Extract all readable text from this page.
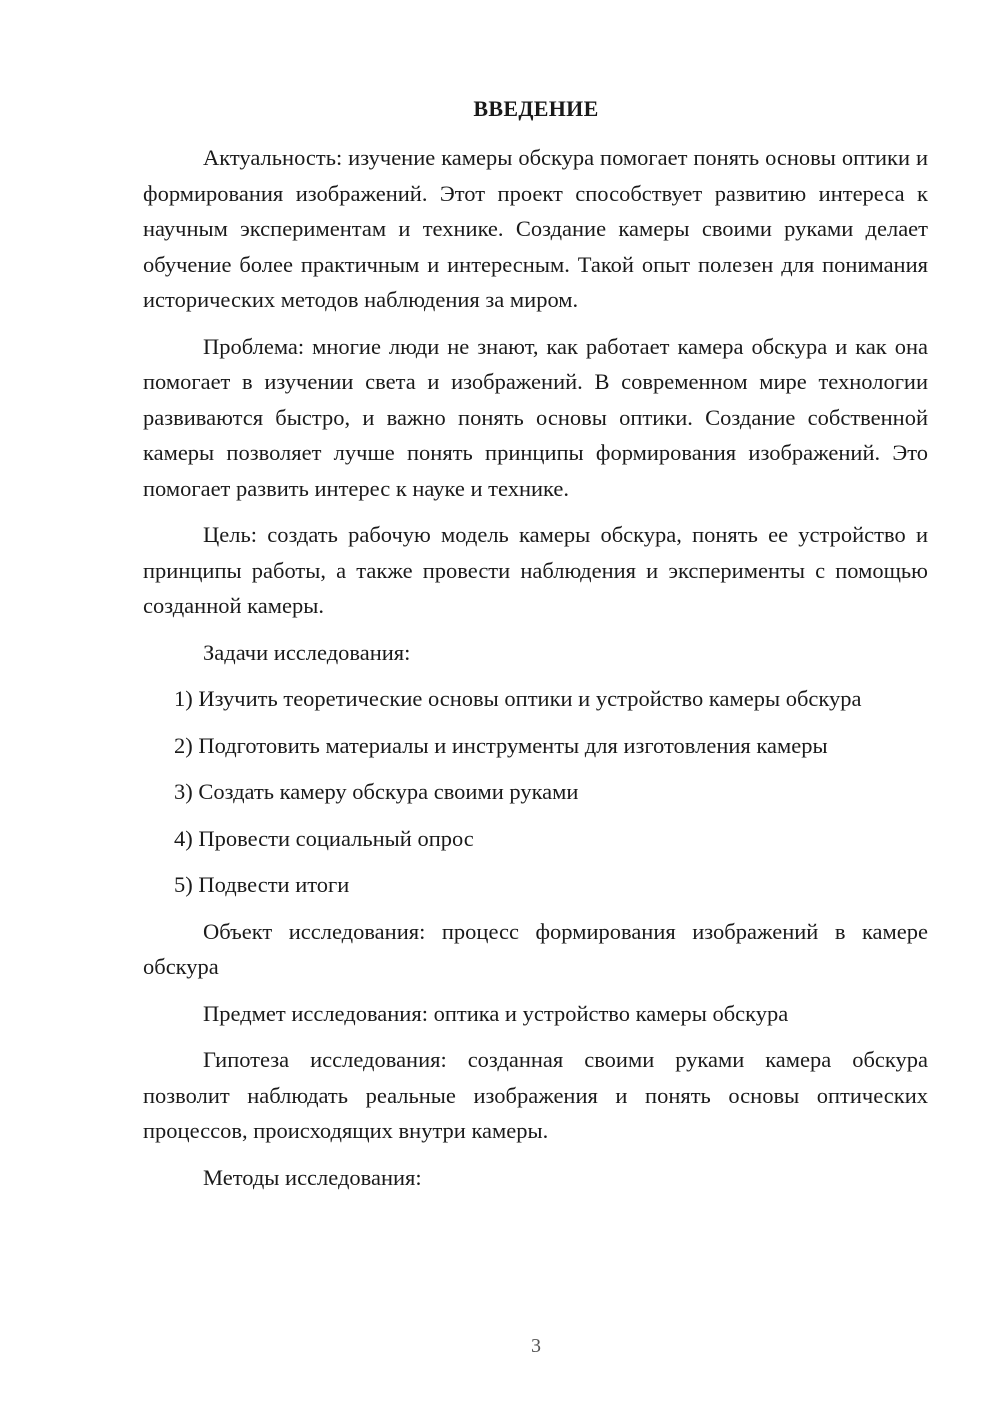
ВВЕДЕНИЕ

Актуальность: изучение камеры обскура помогает понять основы оптики и формирования изображений. Этот проект способствует развитию интереса к научным экспериментам и технике. Создание камеры своими руками делает обучение более практичным и интересным. Такой опыт полезен для понимания исторических методов наблюдения за миром.

Проблема: многие люди не знают, как работает камера обскура и как она помогает в изучении света и изображений. В современном мире технологии развиваются быстро, и важно понять основы оптики. Создание собственной камеры позволяет лучше понять принципы формирования изображений. Это помогает развить интерес к науке и технике.

Цель: создать рабочую модель камеры обскура, понять ее устройство и принципы работы, а также провести наблюдения и эксперименты с помощью созданной камеры.

Задачи исследования:

1) Изучить теоретические основы оптики и устройство камеры обскура

2) Подготовить материалы и инструменты для изготовления камеры

3) Создать камеру обскура своими руками

4) Провести социальный опрос

5) Подвести итоги

Объект исследования: процесс формирования изображений в камере обскура

Предмет исследования: оптика и устройство камеры обскура

Гипотеза исследования: созданная своими руками камера обскура позволит наблюдать реальные изображения и понять основы оптических процессов, происходящих внутри камеры.

Методы исследования:

3
